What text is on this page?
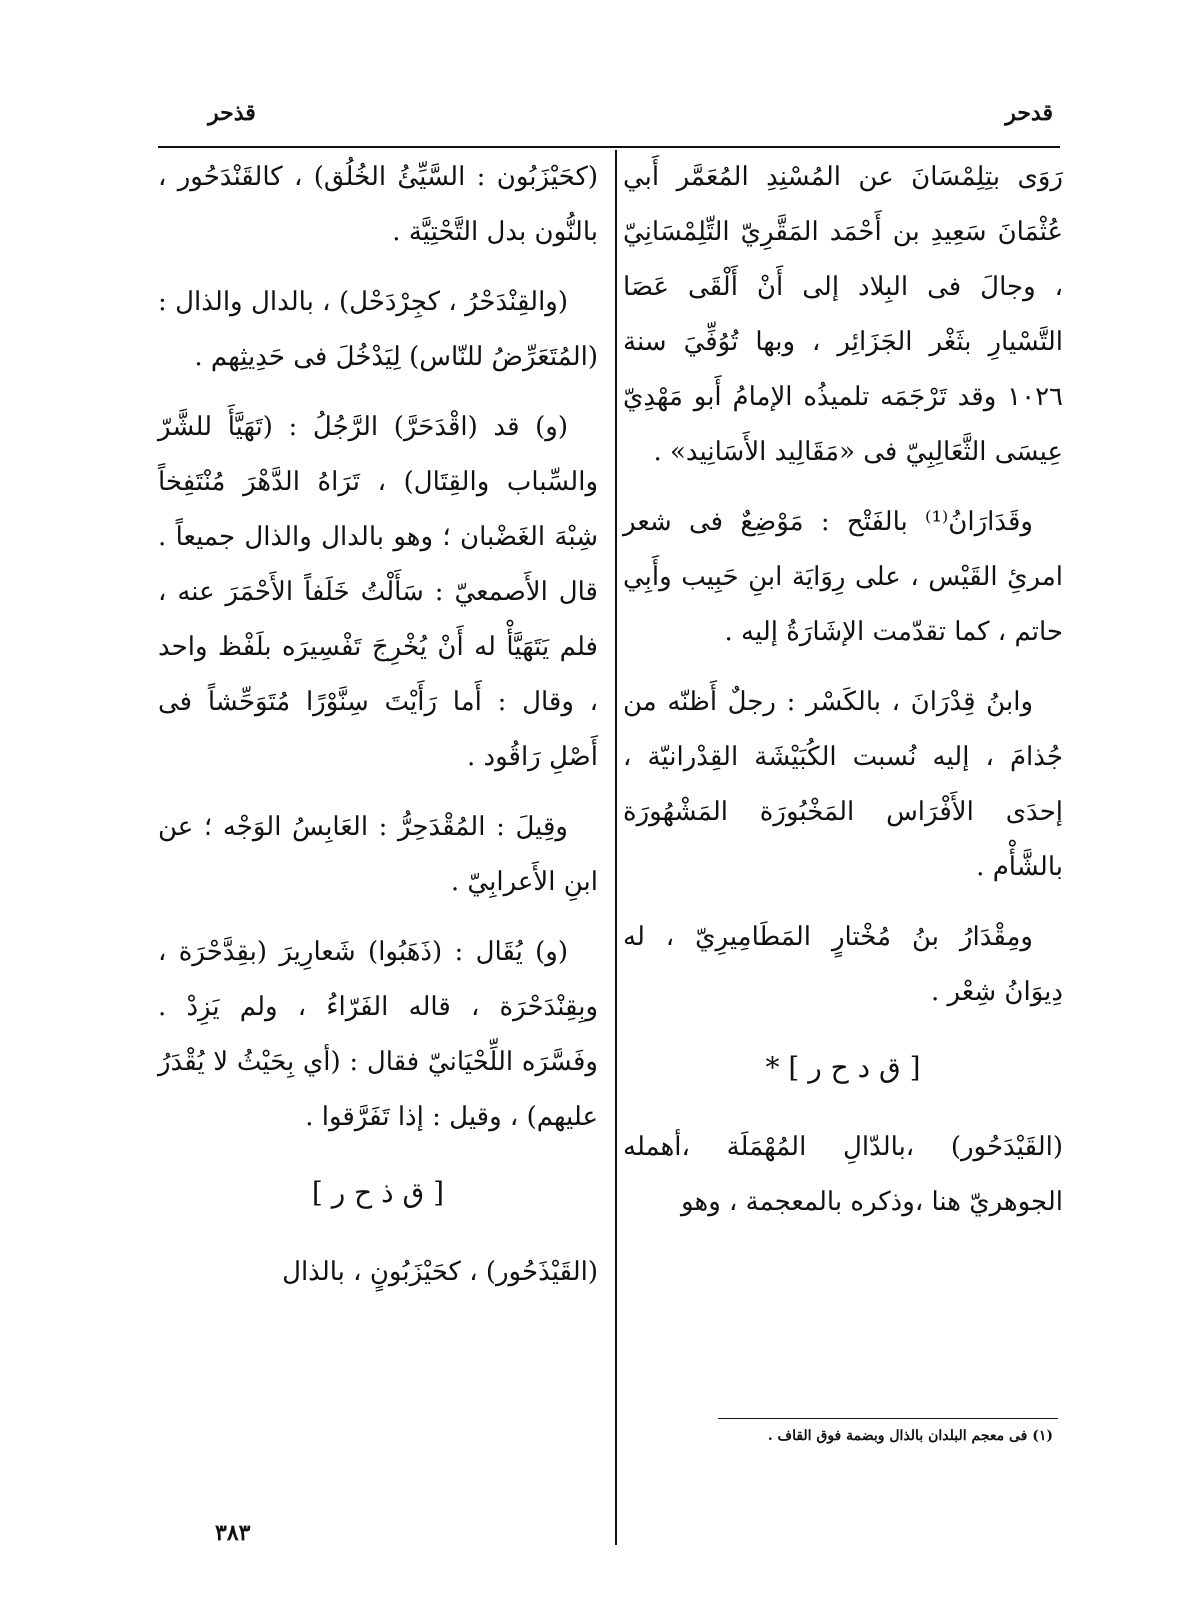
قدحر
قذحر

رَوَى بتِلِمْسَانَ عن المُسْنِدِ المُعَمَّر أَبي عُثْمَانَ سَعِيدِ بن أَحْمَد المَقَّرِيّ التِّلِمْسَانِيّ ، وجالَ فى البِلاد إلى أَنْ أَلْقَى عَصَا التَّسْيارِ بثَغْر الجَزَائِر ، وبها تُوُفِّيَ سنة ١٠٢٦ وقد تَرْجَمَه تلميذُه الإمامُ أَبو مَهْدِيّ عِيسَى الثَّعَالِبِيّ فى «مَقَالِيد الأَسَانِيد» .

وقَدَارَانُ⁽¹⁾ بالفَتْح : مَوْضِعٌ فى شعر امرئِ القَيْس ، على رِوَايَة ابنِ حَبِيب وأَبِي حاتم ، كما تقدّمت الإشَارَةُ إليه .

وابنُ قِدْرَانَ ، بالكَسْر : رجلٌ أَظنّه من جُذامَ ، إليه نُسبت الكُبَيْشَة القِدْرانيّة ، إحدَى الأَفْرَاس المَخْبُورَة المَشْهُورَة بالشَّأْم .

ومِقْدَارُ بنُ مُخْتارٍ المَطَامِيرِيّ ، له دِيوَانُ شِعْر .

[ ق د ح ر ] *

(القَيْدَحُور) ،بالدّالِ المُهْمَلَة ،أهمله الجوهريّ هنا ،وذكره بالمعجمة ، وهو

(كحَيْزَبُون : السَّيِّئُ الخُلُق) ، كالقَنْدَحُور ، بالنُّون بدل التَّحْتِيَّة .

(والقِنْدَحْرُ ، كجِرْدَحْل) ، بالدال والذال : (المُتَعَرِّضُ للنّاس) لِيَدْخُلَ فى حَدِيثِهم .

(و) قد (اقْدَحَرَّ) الرَّجُلُ : (تَهَيَّأَ للشَّرّ والسِّباب والقِتَال) ، تَرَاهُ الدَّهْرَ مُنْتَفِخاً شِبْهَ الغَضْبان ؛ وهو بالدال والذال جميعاً . قال الأَصمعيّ : سَأَلْتُ خَلَفاً الأَحْمَرَ عنه ، فلم يَتَهَيَّأْ له أَنْ يُخْرِجَ تَفْسِيرَه بلَفْظ واحد ، وقال : أَما رَأَيْتَ سِنَّوْرًا مُتَوَحِّشاً فى أَصْلِ رَاقُود .

وقِيلَ : المُقْدَحِرُّ : العَابِسُ الوَجْه ؛ عن ابنِ الأَعرابِيّ .

(و) يُقَال : (ذَهَبُوا) شَعارِيرَ (بقِدَّحْرَة ، وبِقِنْدَحْرَة ، قاله الفَرّاءُ ، ولم يَزِدْ . وفَسَّرَه اللِّحْيَانيّ فقال : (أي بِحَيْثُ لا يُقْدَرُ عليهم) ، وقيل : إذا تَفَرَّقوا .

[ ق ذ ح ر ]

(القَيْذَحُور) ، كحَيْزَبُونٍ ، بالذال

(١) فى معجم البلدان بالذال وبضمة فوق القاف .
٣٨٣
